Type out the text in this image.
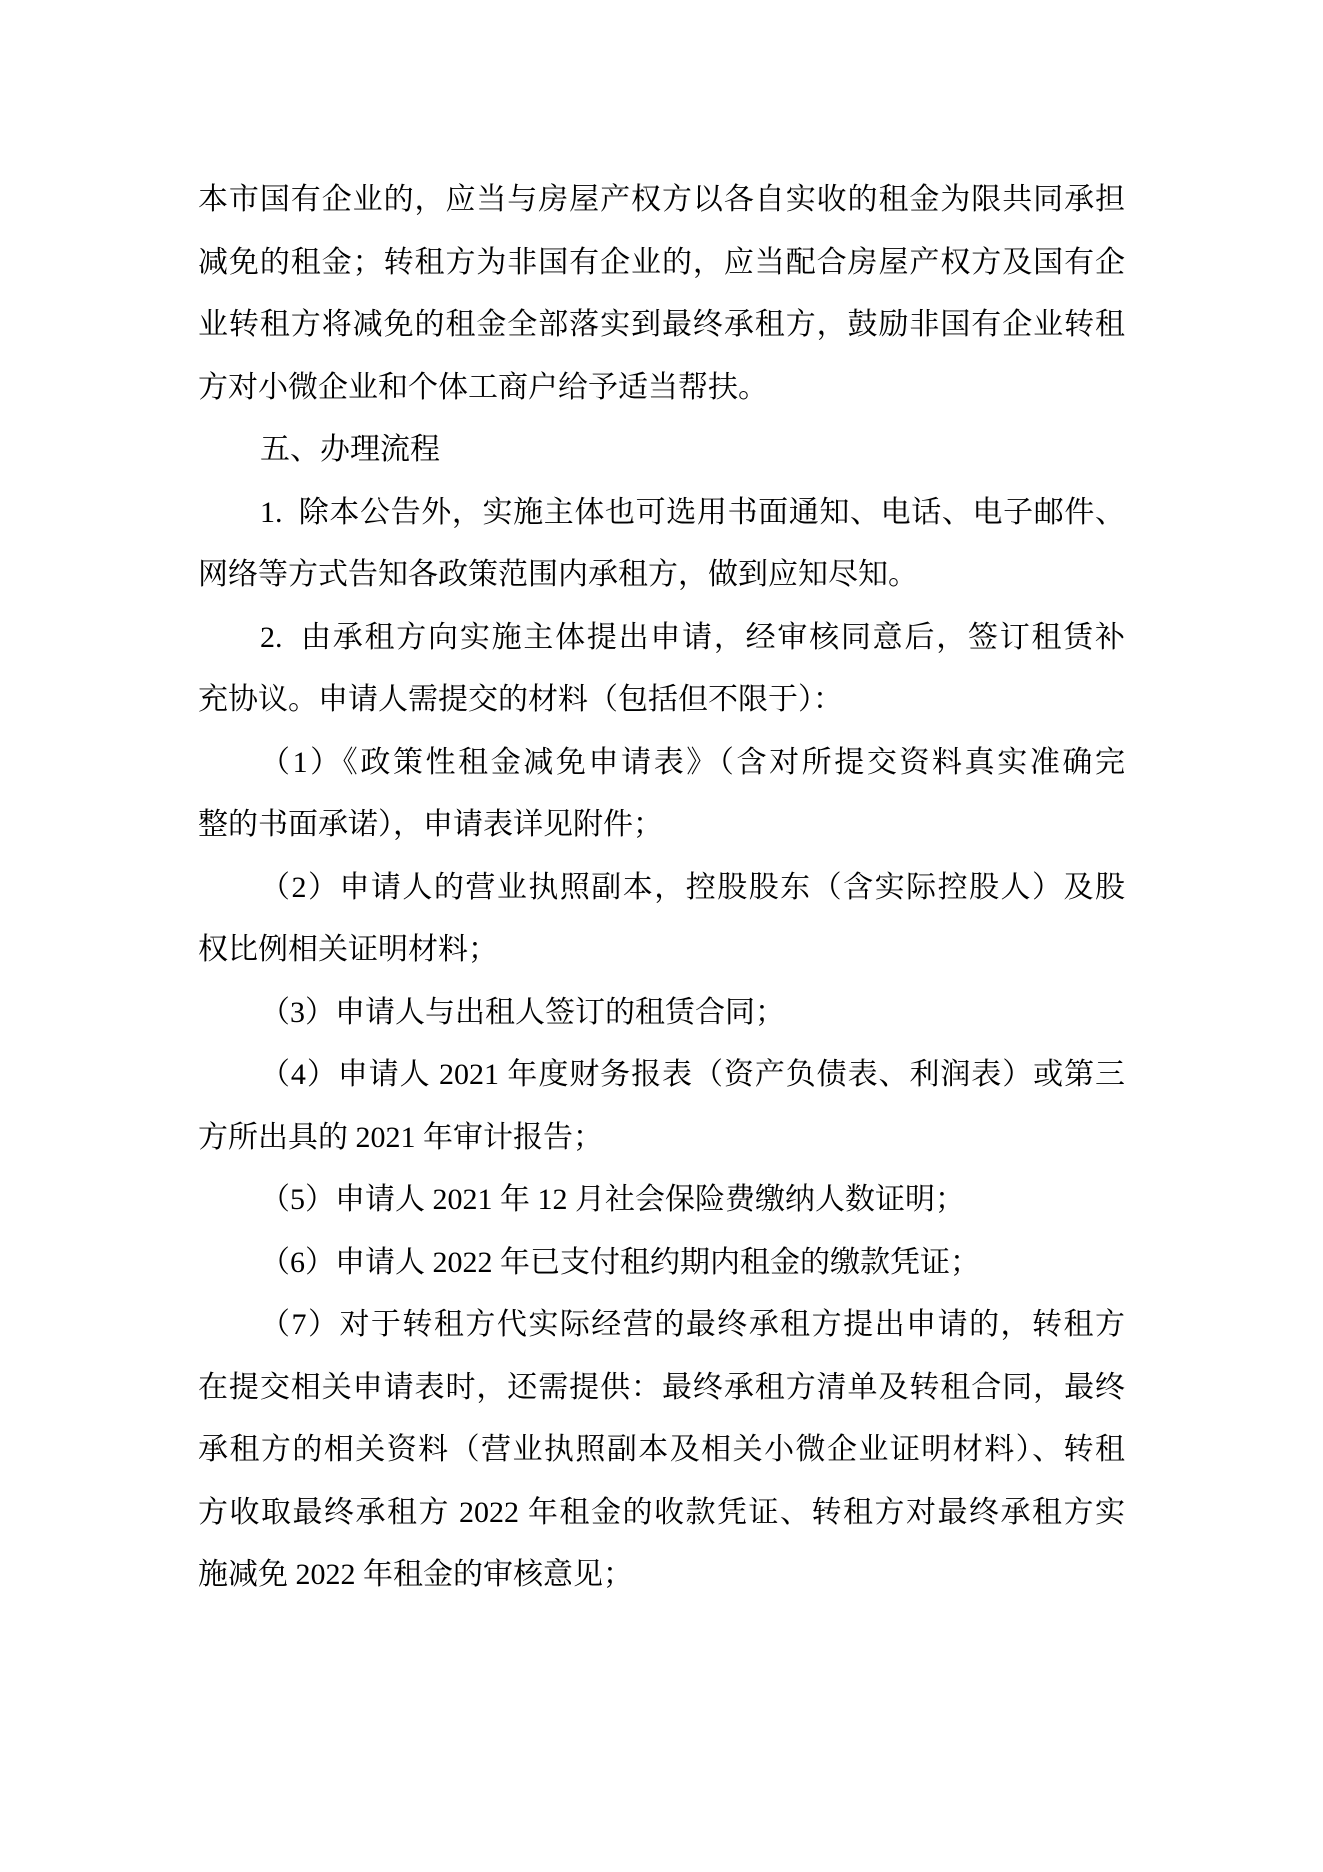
本市国有企业的，应当与房屋产权方以各自实收的租金为限共同承担
减免的租金；转租方为非国有企业的，应当配合房屋产权方及国有企
业转租方将减免的租金全部落实到最终承租方，鼓励非国有企业转租
方对小微企业和个体工商户给予适当帮扶。
五、办理流程
1.  除本公告外，实施主体也可选用书面通知、电话、电子邮件、
网络等方式告知各政策范围内承租方，做到应知尽知。
2.  由承租方向实施主体提出申请，经审核同意后，签订租赁补
充协议。申请人需提交的材料（包括但不限于）：
（1）《政策性租金减免申请表》（含对所提交资料真实准确完
整的书面承诺），申请表详见附件；
（2）申请人的营业执照副本，控股股东（含实际控股人）及股
权比例相关证明材料；
（3）申请人与出租人签订的租赁合同；
（4）申请人 2021 年度财务报表（资产负债表、利润表）或第三
方所出具的 2021 年审计报告；
（5）申请人 2021 年 12 月社会保险费缴纳人数证明；
（6）申请人 2022 年已支付租约期内租金的缴款凭证；
（7）对于转租方代实际经营的最终承租方提出申请的，转租方
在提交相关申请表时，还需提供：最终承租方清单及转租合同，最终
承租方的相关资料（营业执照副本及相关小微企业证明材料）、转租
方收取最终承租方 2022 年租金的收款凭证、转租方对最终承租方实
施减免 2022 年租金的审核意见；
